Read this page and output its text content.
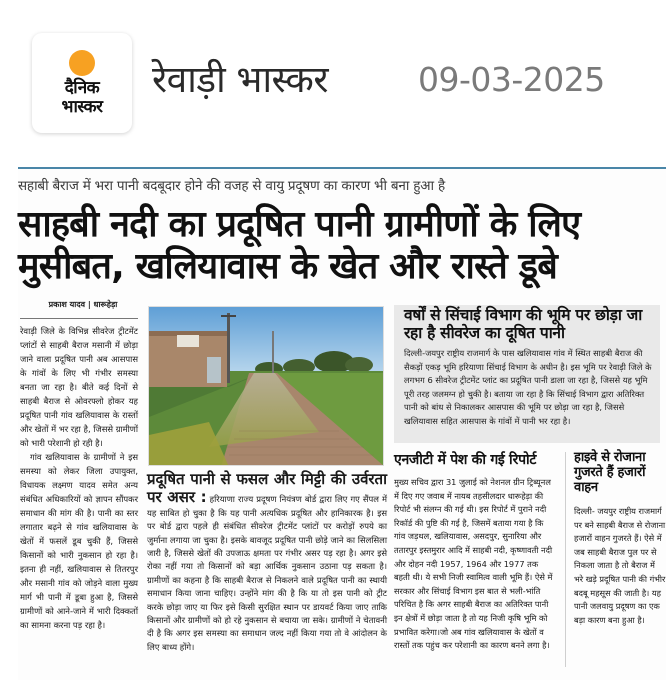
दैनिक
भास्कर
रेवाड़ी भास्कर	09-03-2025
सहाबी बैराज में भरा पानी बदबूदार होने की वजह से वायु प्रदूषण का कारण भी बना हुआ है
साहबी नदी का प्रदूषित पानी ग्रामीणों के लिए
मुसीबत, खलियावास के खेत और रास्ते डूबे
प्रकाश यादव | धारूहेड़ा

रेवाड़ी जिले के विभिन्न सीवरेज ट्रीटमेंट प्लांटों से साहबी बैराज मसानी में छोड़ा जाने वाला प्रदूषित पानी अब आसपास के गांवों के लिए भी गंभीर समस्या बनता जा रहा है। बीते कई दिनों से साहबी बैराज से ओवरफ्लो होकर यह प्रदूषित पानी गांव खलियावास के रास्तों और खेतों में भर रहा है, जिससे ग्रामीणों को भारी परेशानी हो रही है।

गांव खलियावास के ग्रामीणों ने इस समस्या को लेकर जिला उपायुक्त, विधायक लक्ष्मण यादव समेत अन्य संबंधित अधिकारियों को ज्ञापन सौंपकर समाधान की मांग की है। पानी का स्तर लगातार बढ़ने से गांव खलियावास के खेतों में फसलें डूब चुकी हैं, जिससे किसानों को भारी नुकसान हो रहा है। इतना ही नहीं, खलियावास से तितरपुर और मसानी गांव को जोड़ने वाला मुख्य मार्ग भी पानी में डूबा हुआ है, जिससे ग्रामीणों को आने-जाने में भारी दिक्कतों का सामना करना पड़ रहा है।

प्रदूषित पानी से फसल और मिट्टी की उर्वरता पर असर : हरियाणा राज्य प्रदूषण नियंत्रण बोर्ड द्वारा लिए गए सैंपल में यह साबित हो चुका है कि यह पानी अत्यधिक प्रदूषित और हानिकारक है। इस पर बोर्ड द्वारा पहले ही संबंधित सीवरेज ट्रीटमेंट प्लांटों पर करोड़ों रुपये का जुर्माना लगाया जा चुका है। इसके बावजूद प्रदूषित पानी छोड़े जाने का सिलसिला जारी है, जिससे खेतों की उपजाऊ क्षमता पर गंभीर असर पड़ रहा है। अगर इसे रोका नहीं गया तो किसानों को बड़ा आर्थिक नुकसान उठाना पड़ सकता है। ग्रामीणों का कहना है कि साहबी बैराज से निकलने वाले प्रदूषित पानी का स्थायी समाधान किया जाना चाहिए। उन्होंने मांग की है कि या तो इस पानी को ट्रीट करके छोड़ा जाए या फिर इसे किसी सुरक्षित स्थान पर डायवर्ट किया जाए ताकि किसानों और ग्रामीणों को हो रहे नुकसान से बचाया जा सके। ग्रामीणों ने चेतावनी दी है कि अगर इस समस्या का समाधान जल्द नहीं किया गया तो वे आंदोलन के लिए बाध्य होंगे।
वर्षों से सिंचाई विभाग की भूमि पर छोड़ा जा रहा है सीवरेज का दूषित पानी
दिल्ली-जयपुर राष्ट्रीय राजमार्ग के पास खलियावास गांव में स्थित साहबी बैराज की सैकड़ों एकड़ भूमि हरियाणा सिंचाई विभाग के अधीन है। इस भूमि पर रेवाड़ी जिले के लगभग 6 सीवरेज ट्रीटमेंट प्लांट का प्रदूषित पानी डाला जा रहा है, जिससे यह भूमि पूरी तरह जलमग्न हो चुकी है। बताया जा रहा है कि सिंचाई विभाग द्वारा अतिरिक्त पानी को बांध से निकालकर आसपास की भूमि पर छोड़ा जा रहा है, जिससे खलियावास सहित आसपास के गांवों में पानी भर रहा है।
एनजीटी में पेश की गई रिपोर्ट
मुख्य सचिव द्वारा 31 जुलाई को नेशनल ग्रीन ट्रिब्यूनल में दिए गए जवाब में नायब तहसीलदार धारूहेड़ा की रिपोर्ट भी संलग्न की गई थी। इस रिपोर्ट में पुराने नदी रिकॉर्ड की पुष्टि की गई है, जिसमें बताया गया है कि गांव जड़थल, खलियावास, असदपुर, सुनारिया और ततारपुर इस्तमुरार आदि में साहबी नदी, कृष्णावती नदी और दोहन नदी 1957, 1964 और 1977 तक बहती थी। ये सभी निजी स्वामित्व वाली भूमि हैं। ऐसे में सरकार और सिंचाई विभाग इस बात से भली-भांति परिचित है कि अगर साहबी बैराज का अतिरिक्त पानी इन क्षेत्रों में छोड़ा जाता है तो यह निजी कृषि भूमि को प्रभावित करेगा।जो अब गांव खलियावास के खेतों व रास्तों तक पहुंच कर परेशानी का कारण बनने लगा है।
हाइवे से रोजाना गुजरते हैं हजारों वाहन
दिल्ली- जयपुर राष्ट्रीय राजमार्ग पर बने साहबी बैराज से रोजाना हजारों वाहन गुजरते हैं। ऐसे में जब साहबी बैराज पुल पर से निकला जाता है तो बैराज में भरे खड़े प्रदूषित पानी की गंभीर बदबू महसूस की जाती है। यह पानी जलवायु प्रदूषण का एक बड़ा कारण बना हुआ है।
